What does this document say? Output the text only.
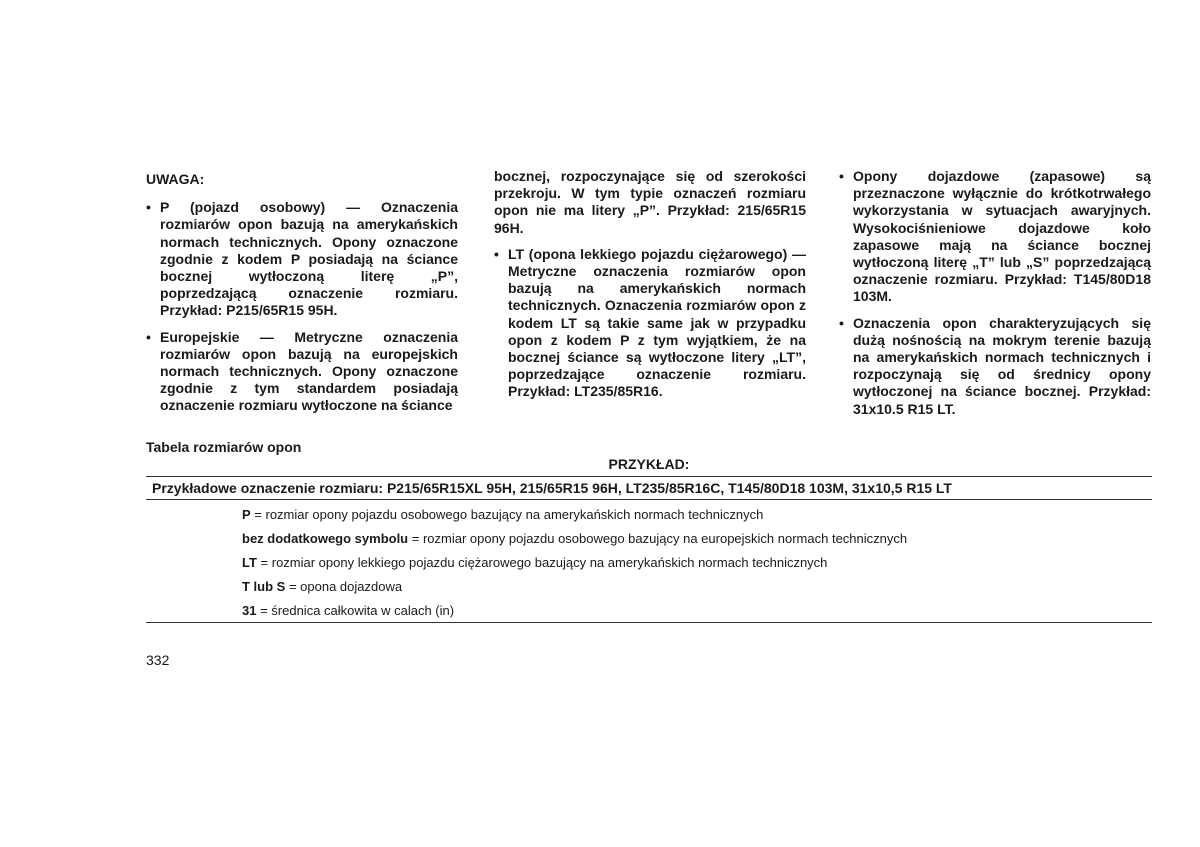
UWAGA:
• P (pojazd osobowy) — Oznaczenia rozmiarów opon bazują na amerykańskich normach technicznych. Opony oznaczone zgodnie z kodem P posiadają na ściance bocznej wytłoczoną literę „P”, poprzedzającą oznaczenie rozmiaru. Przykład: P215/65R15 95H.
• Europejskie — Metryczne oznaczenia rozmiarów opon bazują na europejskich normach technicznych. Opony oznaczone zgodnie z tym standardem posiadają oznaczenie rozmiaru wytłoczone na ściance
bocznej, rozpoczynające się od szerokości przekroju. W tym typie oznaczeń rozmiaru opon nie ma litery „P”. Przykład: 215/65R15 96H.
• LT (opona lekkiego pojazdu ciężarowego) — Metryczne oznaczenia rozmiarów opon bazują na amerykańskich normach technicznych. Oznaczenia rozmiarów opon z kodem LT są takie same jak w przypadku opon z kodem P z tym wyjątkiem, że na bocznej ściance są wytłoczone litery „LT”, poprzedzające oznaczenie rozmiaru. Przykład: LT235/85R16.
• Opony dojazdowe (zapasowe) są przeznaczone wyłącznie do krótkotrwałego wykorzystania w sytuacjach awaryjnych. Wysokociśnieniowe dojazdowe koło zapasowe mają na ściance bocznej wytłoczoną literę „T” lub „S” poprzedzającą oznaczenie rozmiaru. Przykład: T145/80D18 103M.
• Oznaczenia opon charakteryzujących się dużą nośnością na mokrym terenie bazują na amerykańskich normach technicznych i rozpoczynają się od średnicy opony wytłoczonej na ściance bocznej. Przykład: 31x10.5 R15 LT.
Tabela rozmiarów opon
PRZYKŁAD:
Przykładowe oznaczenie rozmiaru: P215/65R15XL 95H, 215/65R15 96H, LT235/85R16C, T145/80D18 103M, 31x10,5 R15 LT
P = rozmiar opony pojazdu osobowego bazujący na amerykańskich normach technicznych
bez dodatkowego symbolu = rozmiar opony pojazdu osobowego bazujący na europejskich normach technicznych
LT = rozmiar opony lekkiego pojazdu ciężarowego bazujący na amerykańskich normach technicznych
T lub S = opona dojazdowa
31 = średnica całkowita w calach (in)
332
